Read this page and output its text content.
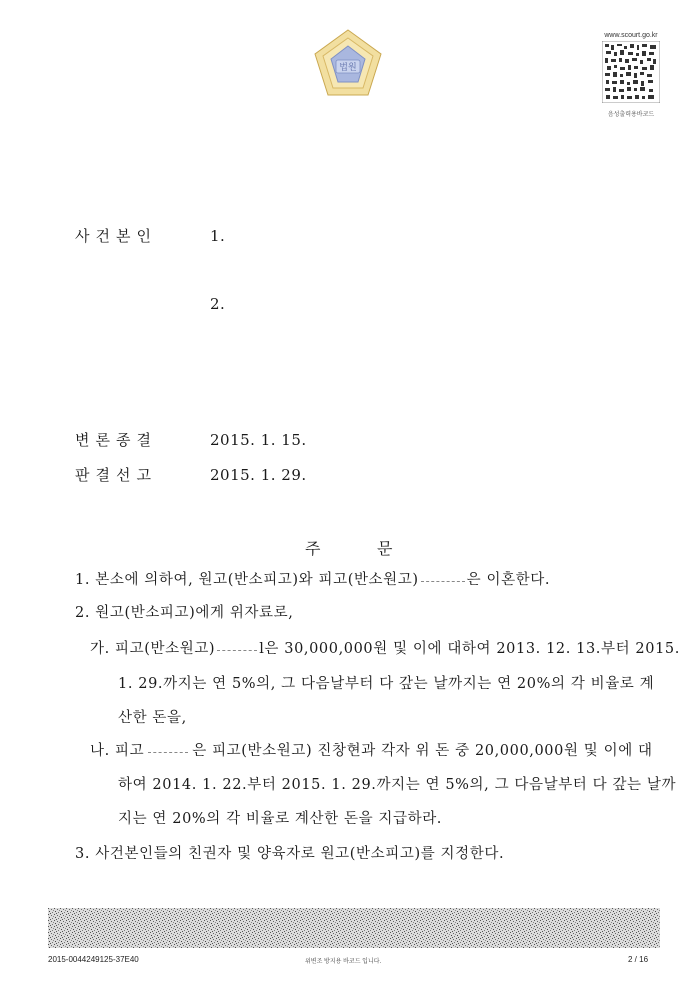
법원
www.scourt.go.kr
음성출력용바코드
사건본인	1.
2.
변론종결	2015. 1. 15.
판결선고	2015. 1. 29.
주	문
1. 본소에 의하여, 원고(반소피고)와 피고(반소원고)	은 이혼한다.
2. 원고(반소피고)에게 위자료로,
가. 피고(반소원고)	l은 30,000,000원 및 이에 대하여 2013. 12. 13.부터 2015.
1. 29.까지는 연 5%의, 그 다음날부터 다 갚는 날까지는 연 20%의 각 비율로 계
산한 돈을,
나. 피고	은 피고(반소원고) 진창현과 각자 위 돈 중 20,000,000원 및 이에 대
하여 2014. 1. 22.부터 2015. 1. 29.까지는 연 5%의, 그 다음날부터 다 갚는 날까
지는 연 20%의 각 비율로 계산한 돈을 지급하라.
3. 사건본인들의 친권자 및 양육자로 원고(반소피고)를 지정한다.
2015-0044249125-37E40	위변조 방지용 바코드 입니다.	2 / 16
